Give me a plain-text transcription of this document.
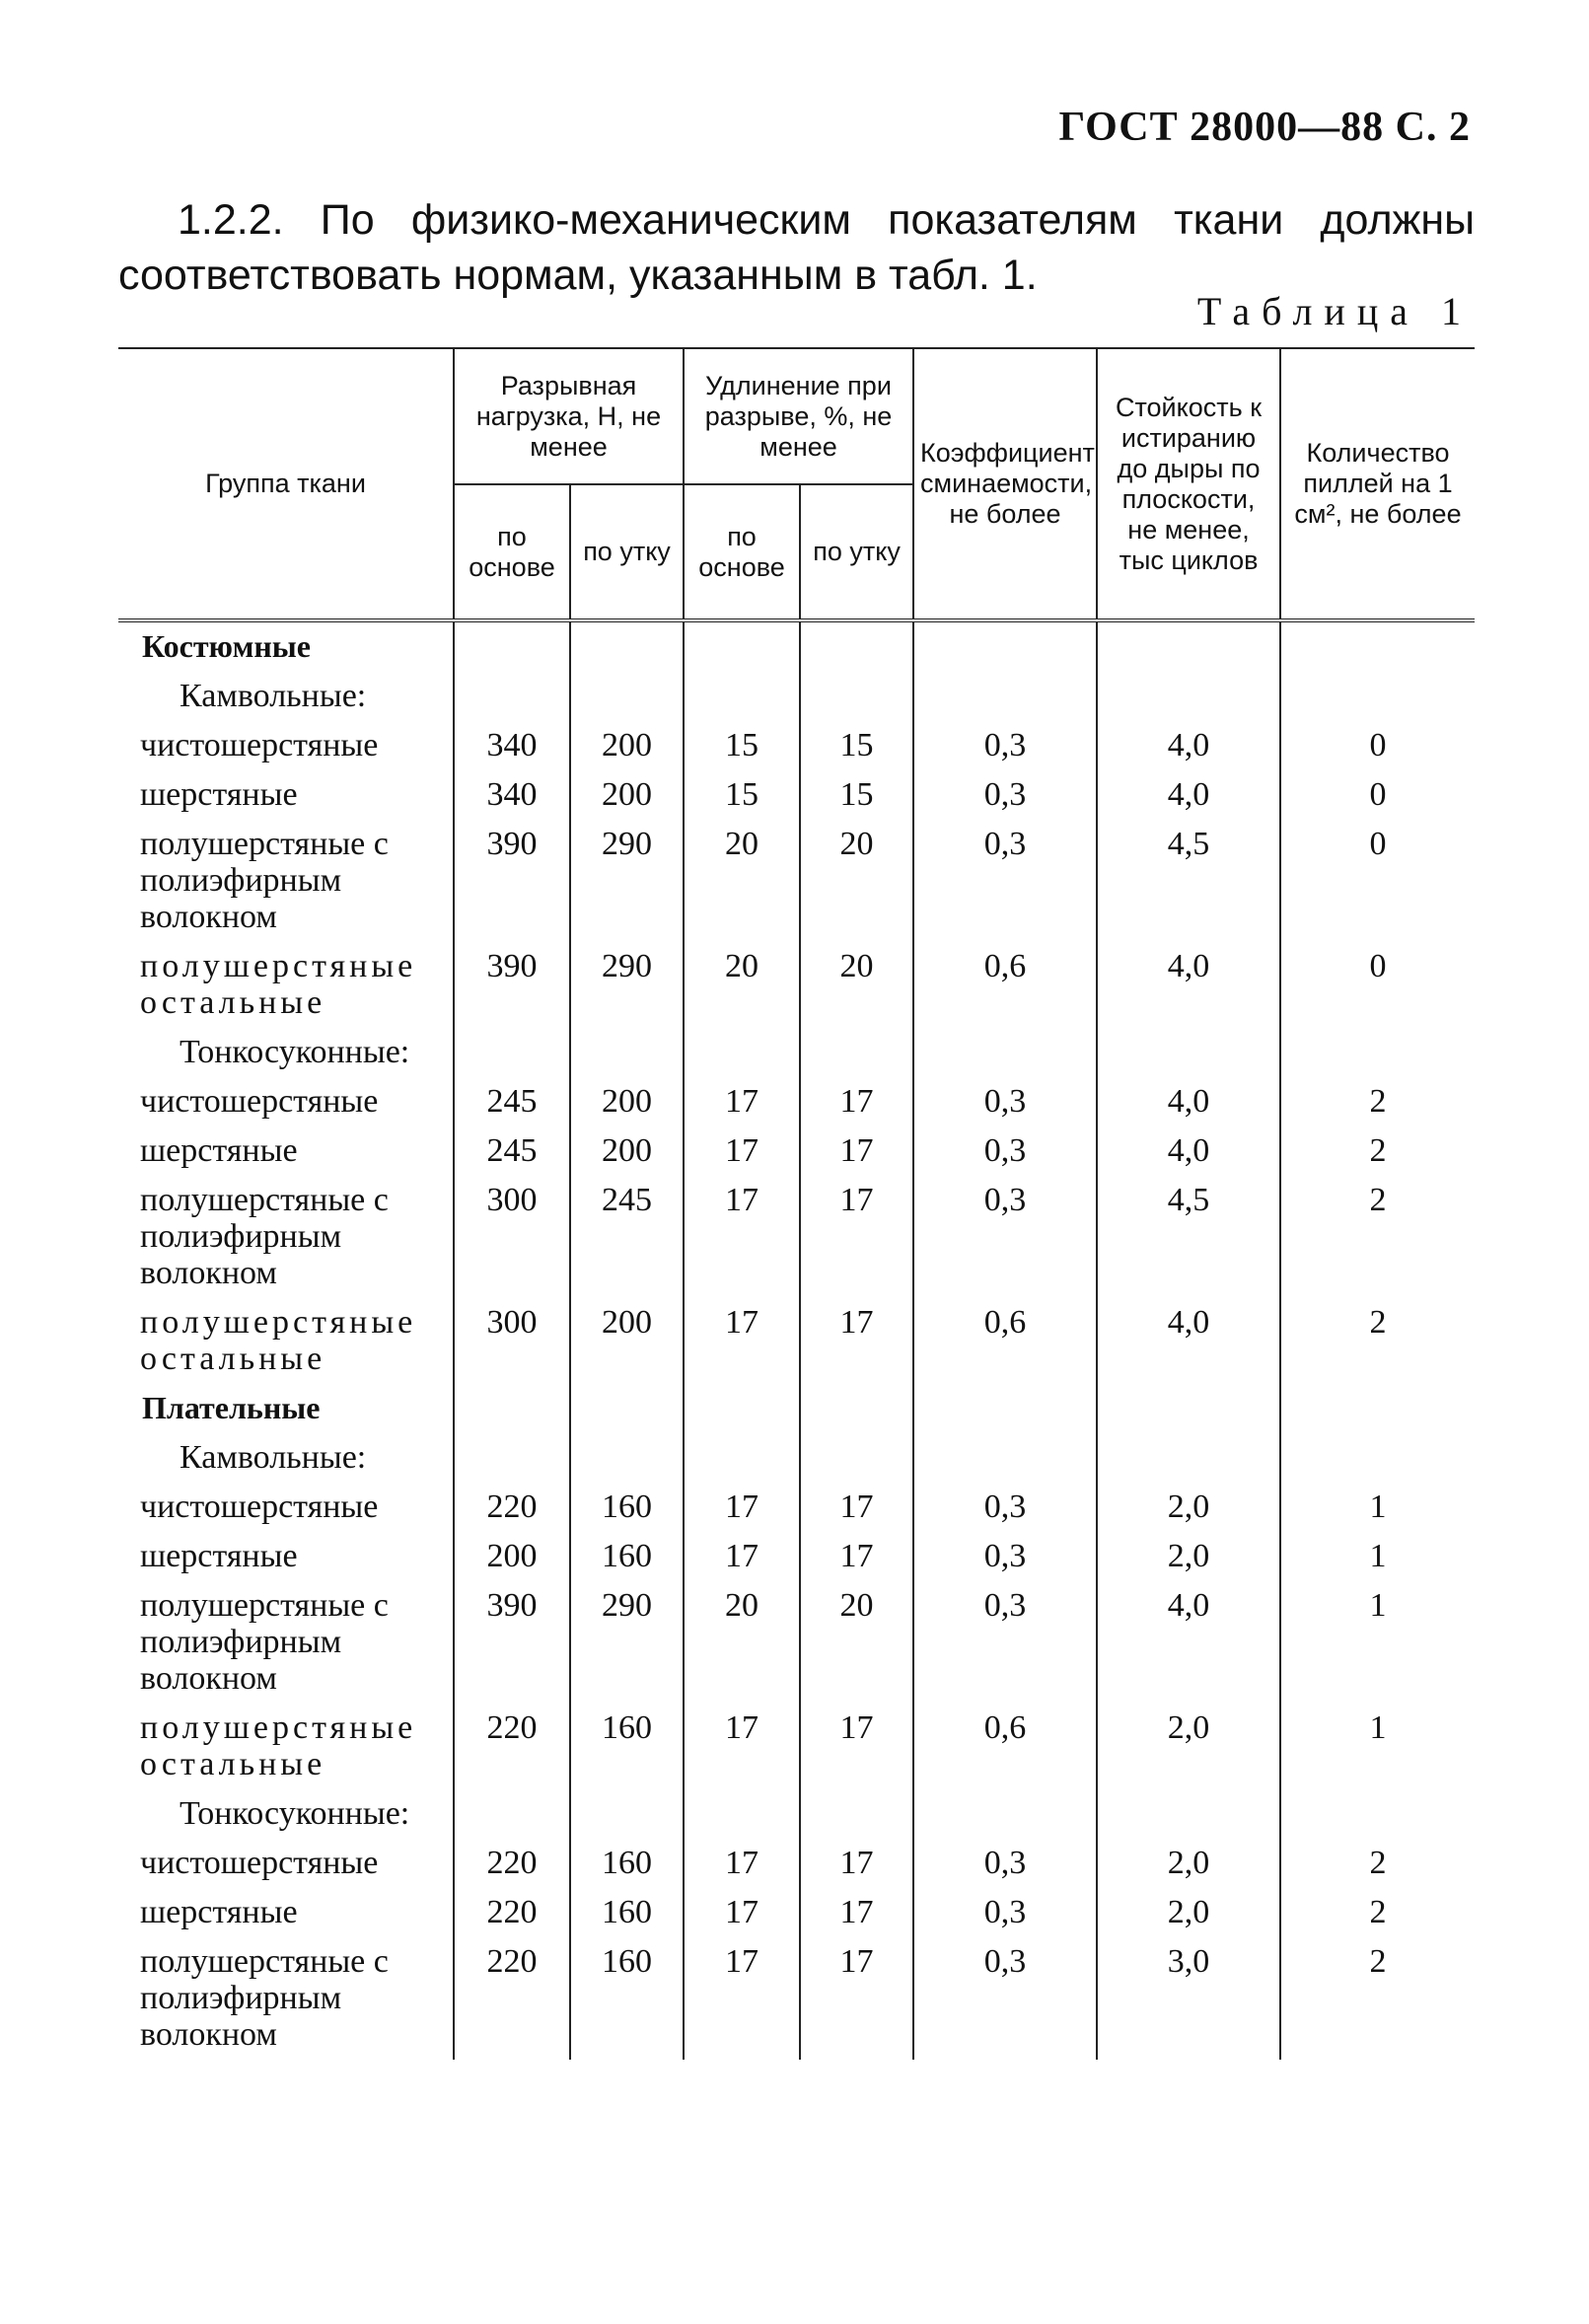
ГОСТ 28000—88 С. 2
1.2.2. По физико-механическим показателям ткани должны соответствовать нормам, указанным в табл. 1.
Таблица 1
Группа ткани	Разрывная нагрузка, Н, не менее		Удлинение при разрыве, %, не менее		Коэффициент сминаемости, не более	Стойкость к истиранию до дыры по плоскости, не менее, тыс циклов	Количество пиллей на 1 см², не более
	по основе	по утку	по основе	по утку			
Костюмные							
Камвольные:							
чистошерстяные	340	200	15	15	0,3	4,0	0
шерстяные	340	200	15	15	0,3	4,0	0
полушерстяные с полиэфирным волокном	390	290	20	20	0,3	4,5	0
полушерстяные остальные	390	290	20	20	0,6	4,0	0
Тонкосуконные:							
чистошерстяные	245	200	17	17	0,3	4,0	2
шерстяные	245	200	17	17	0,3	4,0	2
полушерстяные с полиэфирным волокном	300	245	17	17	0,3	4,5	2
полушерстяные остальные	300	200	17	17	0,6	4,0	2
Плательные							
Камвольные:							
чистошерстяные	220	160	17	17	0,3	2,0	1
шерстяные	200	160	17	17	0,3	2,0	1
полушерстяные с полиэфирным волокном	390	290	20	20	0,3	4,0	1
полушерстяные остальные	220	160	17	17	0,6	2,0	1
Тонкосуконные:							
чистошерстяные	220	160	17	17	0,3	2,0	2
шерстяные	220	160	17	17	0,3	2,0	2
полушерстяные с полиэфирным волокном	220	160	17	17	0,3	3,0	2
